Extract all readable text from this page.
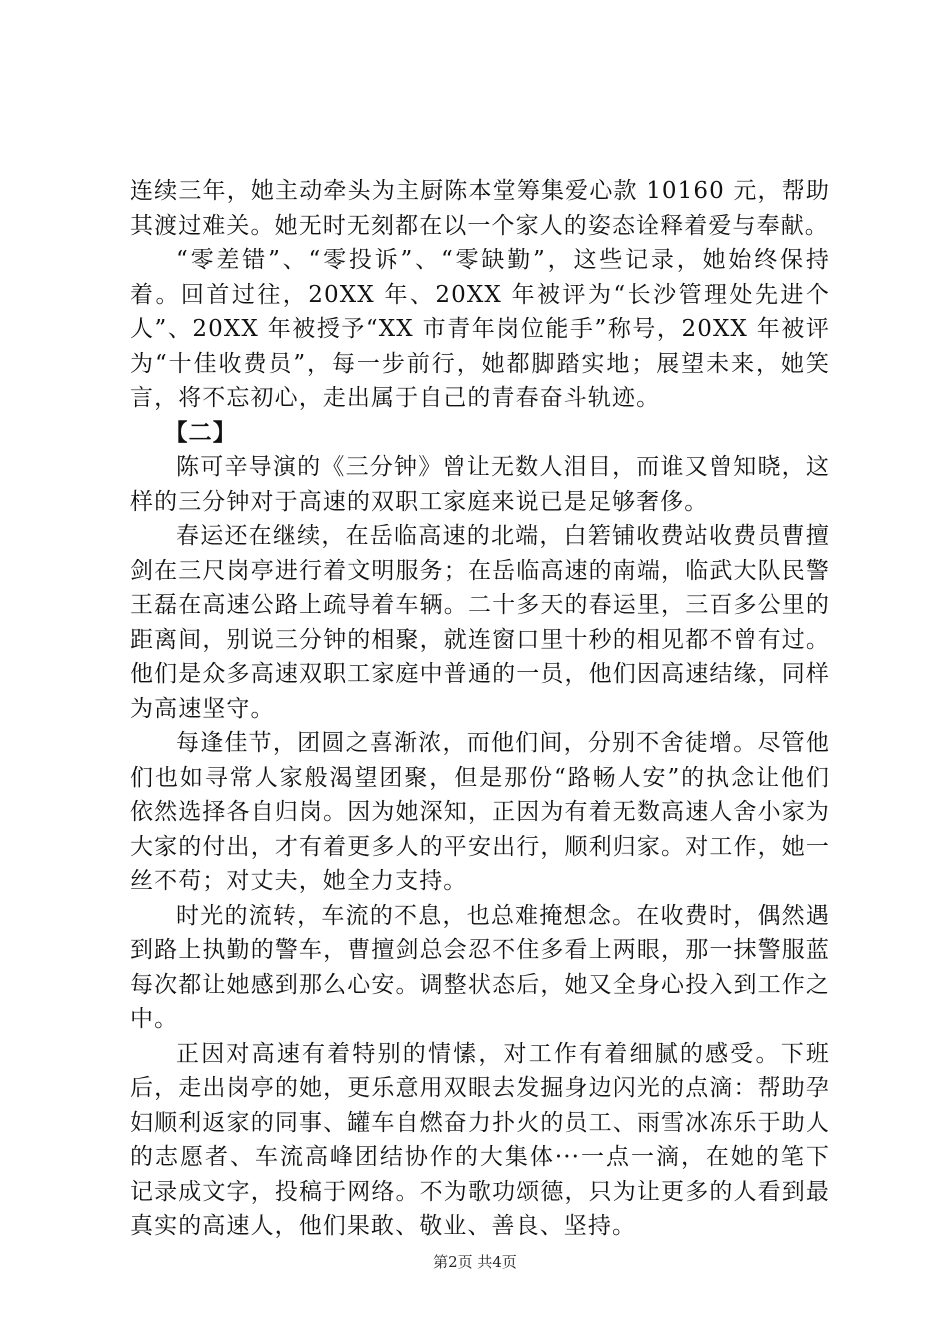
连续三年，她主动牵头为主厨陈本堂筹集爱心款 10160 元，帮助其渡过难关。她无时无刻都在以一个家人的姿态诠释着爱与奉献。

“零差错”、“零投诉”、“零缺勤”，这些记录，她始终保持着。回首过往，20XX 年、20XX 年被评为“长沙管理处先进个人”、20XX 年被授予“XX 市青年岗位能手”称号，20XX 年被评为“十佳收费员”，每一步前行，她都脚踏实地；展望未来，她笑言，将不忘初心，走出属于自己的青春奋斗轨迹。

【二】

陈可辛导演的《三分钟》曾让无数人泪目，而谁又曾知晓，这样的三分钟对于高速的双职工家庭来说已是足够奢侈。

春运还在继续，在岳临高速的北端，白箬铺收费站收费员曹擅剑在三尺岗亭进行着文明服务；在岳临高速的南端，临武大队民警王磊在高速公路上疏导着车辆。二十多天的春运里，三百多公里的距离间，别说三分钟的相聚，就连窗口里十秒的相见都不曾有过。他们是众多高速双职工家庭中普通的一员，他们因高速结缘，同样为高速坚守。

每逢佳节，团圆之喜渐浓，而他们间，分别不舍徒增。尽管他们也如寻常人家般渴望团聚，但是那份“路畅人安”的执念让他们依然选择各自归岗。因为她深知，正因为有着无数高速人舍小家为大家的付出，才有着更多人的平安出行，顺利归家。对工作，她一丝不苟；对丈夫，她全力支持。

时光的流转，车流的不息，也总难掩想念。在收费时，偶然遇到路上执勤的警车，曹擅剑总会忍不住多看上两眼，那一抹警服蓝每次都让她感到那么心安。调整状态后，她又全身心投入到工作之中。

正因对高速有着特别的情愫，对工作有着细腻的感受。下班后，走出岗亭的她，更乐意用双眼去发掘身边闪光的点滴：帮助孕妇顺利返家的同事、罐车自燃奋力扑火的员工、雨雪冰冻乐于助人的志愿者、车流高峰团结协作的大集体···一点一滴，在她的笔下记录成文字，投稿于网络。不为歌功颂德，只为让更多的人看到最真实的高速人，他们果敢、敬业、善良、坚持。

第2页 共4页
